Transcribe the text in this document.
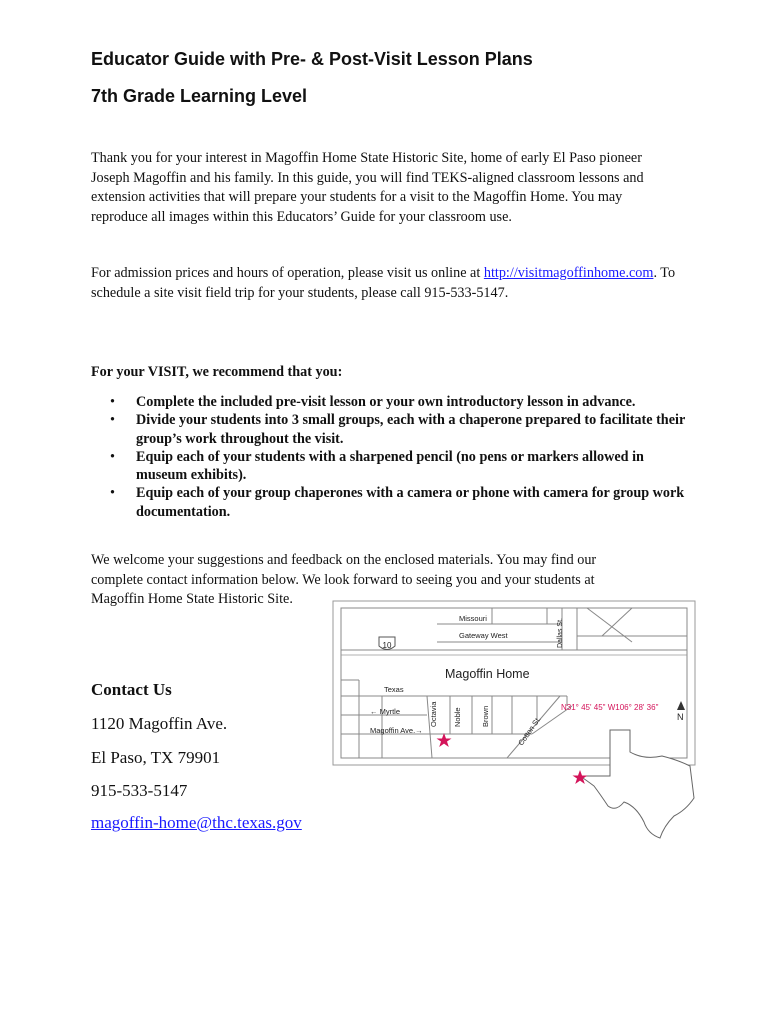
Educator Guide with Pre- & Post-Visit Lesson Plans
7th Grade Learning Level

Thank you for your interest in Magoffin Home State Historic Site, home of early El Paso pioneer Joseph Magoffin and his family. In this guide, you will find TEKS-aligned classroom lessons and extension activities that will prepare your students for a visit to the Magoffin Home. You may reproduce all images within this Educators’ Guide for your classroom use.

For admission prices and hours of operation, please visit us online at http://visitmagoffinhome.com. To schedule a site visit field trip for your students, please call 915-533-5147.

For your VISIT, we recommend that you:

• Complete the included pre-visit lesson or your own introductory lesson in advance.
• Divide your students into 3 small groups, each with a chaperone prepared to facilitate their group’s work throughout the visit.
• Equip each of your students with a sharpened pencil (no pens or markers allowed in museum exhibits).
• Equip each of your group chaperones with a camera or phone with camera for group work documentation.

We welcome your suggestions and feedback on the enclosed materials. You may find our complete contact information below. We look forward to seeing you and your students at Magoffin Home State Historic Site.

Contact Us

1120 Magoffin Ave.

El Paso, TX 79901

915-533-5147

magoffin-home@thc.texas.gov

10
Missouri
Gateway West	Dallas St.
Magoffin Home
Texas
← Myrtle
Magoffin Ave.→
Octavia Noble	Brown	Cotton St.
N31° 45' 45" W106° 28' 36"
N
